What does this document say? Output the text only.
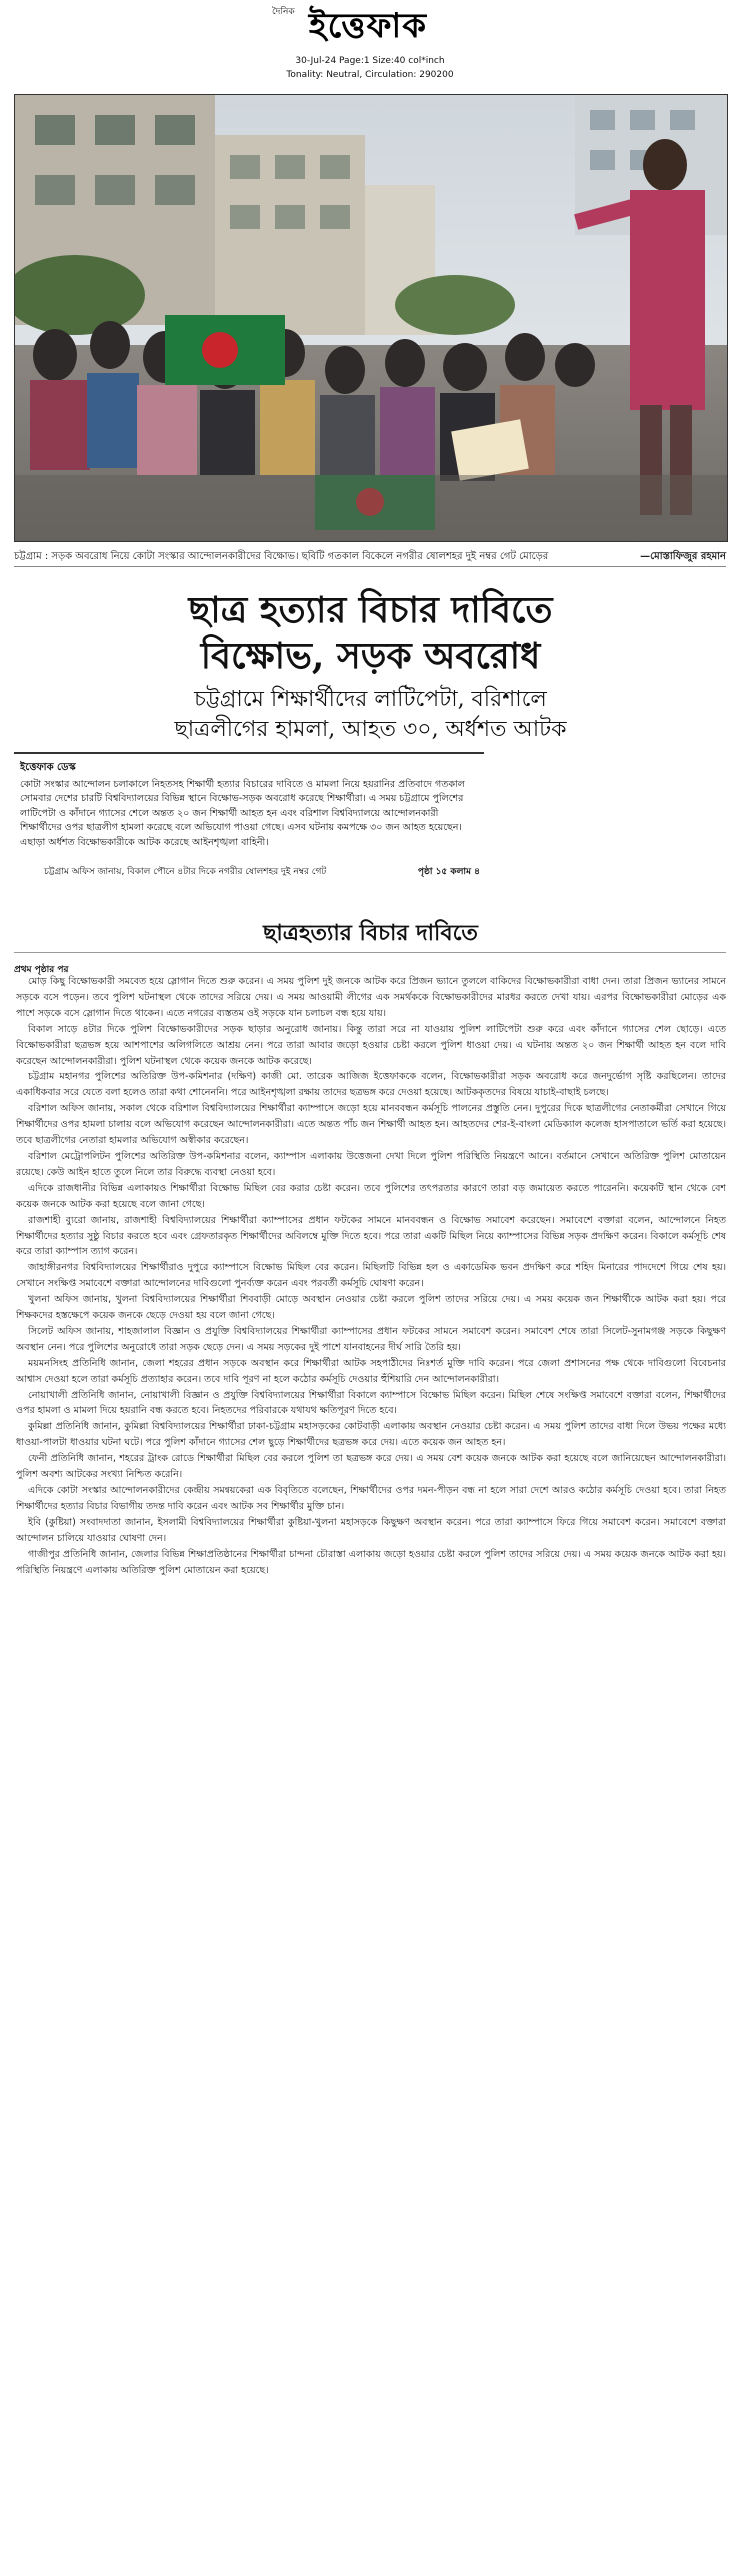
দৈনিক ইত্তেফাক
30-Jul-24 Page:1 Size:40 col*inch
Tonality: Neutral, Circulation: 290200
চট্টগ্রাম : সড়ক অবরোধ নিয়ে কোটা সংস্কার আন্দোলনকারীদের বিক্ষোভ। ছবিটি গতকাল বিকেলে নগরীর ষোলশহর দুই নম্বর গেট মোড়ের	—মোস্তাফিজুর রহমান
ছাত্র হত্যার বিচার দাবিতে
বিক্ষোভ, সড়ক অবরোধ
চট্টগ্রামে শিক্ষার্থীদের লাটিপেটা, বরিশালে
ছাত্রলীগের হামলা, আহত ৩০, অর্ধশত আটক
ইত্তেফাক ডেস্ক
কোটা সংস্কার আন্দোলন চলাকালে নিহতসহ শিক্ষার্থী হত্যার বিচারের দাবিতে ও মামলা নিয়ে হয়রানির প্রতিবাদে গতকাল সোমবার দেশের চারটি বিশ্ববিদ্যালয়ের বিভিন্ন স্থানে বিক্ষোভ-সড়ক অবরোধ করেছে শিক্ষার্থীরা। এ সময় চট্টগ্রামে পুলিশের লাটিপেটা ও কাঁদানে গ্যাসের শেলে অন্তত ২০ জন শিক্ষার্থী আহত হন এবং বরিশাল বিশ্ববিদ্যালয়ে আন্দোলনকারী শিক্ষার্থীদের ওপর ছাত্রলীগ হামলা করেছে বলে অভিযোগ পাওয়া গেছে। এসব ঘটনায় কমপক্ষে ৩০ জন আহত হয়েছেন। এছাড়া অর্ধশত বিক্ষোভকারীকে আটক করেছে আইনশৃঙ্খলা বাহিনী।
চট্টগ্রাম অফিস জানায়, বিকাল পৌনে ৪টার দিকে নগরীর ষোলশহর দুই নম্বর গেট	পৃষ্ঠা ১৫ কলাম ৪
ছাত্রহত্যার বিচার দাবিতে
প্রথম পৃষ্ঠার পর

মোড় কিছু বিক্ষোভকারী সমবেত হয়ে স্লোগান দিতে শুরু করেন। এ সময় পুলিশ দুই জনকে আটক করে প্রিজন ভ্যানে তুললে বাকিদের বিক্ষোভকারীরা বাধা দেন। তারা প্রিজন ভ্যানের সামনে সড়কে বসে পড়েন। তবে পুলিশ ঘটনাস্থল থেকে তাদের সরিয়ে দেয়। এ সময় আওয়ামী লীগের এক সমর্থককে বিক্ষোভকারীদের মারধর করতে দেখা যায়। এরপর বিক্ষোভকারীরা মোড়ের এক পাশে সড়কে বসে স্লোগান দিতে থাকেন। এতে নগরের ব্যস্ততম ওই সড়কে যান চলাচল বন্ধ হয়ে যায়।

বিকাল সাড়ে ৪টার দিকে পুলিশ বিক্ষোভকারীদের সড়ক ছাড়ার অনুরোধ জানায়। কিন্তু তারা সরে না যাওয়ায় পুলিশ লাটিপেটা শুরু করে এবং কাঁদানে গ্যাসের শেল ছোড়ে। এতে বিক্ষোভকারীরা ছত্রভঙ্গ হয়ে আশপাশের অলিগলিতে আশ্রয় নেন। পরে তারা আবার জড়ো হওয়ার চেষ্টা করলে পুলিশ ধাওয়া দেয়। এ ঘটনায় অন্তত ২০ জন শিক্ষার্থী আহত হন বলে দাবি করেছেন আন্দোলনকারীরা। পুলিশ ঘটনাস্থল থেকে কয়েক জনকে আটক করেছে।

চট্টগ্রাম মহানগর পুলিশের অতিরিক্ত উপ-কমিশনার (দক্ষিণ) কাজী মো. তারেক আজিজ ইত্তেফাককে বলেন, বিক্ষোভকারীরা সড়ক অবরোধ করে জনদুর্ভোগ সৃষ্টি করছিলেন। তাদের একাধিকবার সরে যেতে বলা হলেও তারা কথা শোনেননি। পরে আইনশৃঙ্খলা রক্ষায় তাদের ছত্রভঙ্গ করে দেওয়া হয়েছে। আটককৃতদের বিষয়ে যাচাই-বাছাই চলছে।

বরিশাল অফিস জানায়, সকাল থেকে বরিশাল বিশ্ববিদ্যালয়ের শিক্ষার্থীরা ক্যাম্পাসে জড়ো হয়ে মানববন্ধন কর্মসূচি পালনের প্রস্তুতি নেন। দুপুরের দিকে ছাত্রলীগের নেতাকর্মীরা সেখানে গিয়ে শিক্ষার্থীদের ওপর হামলা চালায় বলে অভিযোগ করেছেন আন্দোলনকারীরা। এতে অন্তত পাঁচ জন শিক্ষার্থী আহত হন। আহতদের শের-ই-বাংলা মেডিক্যাল কলেজ হাসপাতালে ভর্তি করা হয়েছে। তবে ছাত্রলীগের নেতারা হামলার অভিযোগ অস্বীকার করেছেন।

বরিশাল মেট্রোপলিটন পুলিশের অতিরিক্ত উপ-কমিশনার বলেন, ক্যাম্পাস এলাকায় উত্তেজনা দেখা দিলে পুলিশ পরিস্থিতি নিয়ন্ত্রণে আনে। বর্তমানে সেখানে অতিরিক্ত পুলিশ মোতায়েন রয়েছে। কেউ আইন হাতে তুলে নিলে তার বিরুদ্ধে ব্যবস্থা নেওয়া হবে।

এদিকে রাজধানীর বিভিন্ন এলাকায়ও শিক্ষার্থীরা বিক্ষোভ মিছিল বের করার চেষ্টা করেন। তবে পুলিশের তৎপরতার কারণে তারা বড় জমায়েত করতে পারেননি। কয়েকটি স্থান থেকে বেশ কয়েক জনকে আটক করা হয়েছে বলে জানা গেছে।

রাজশাহী ব্যুরো জানায়, রাজশাহী বিশ্ববিদ্যালয়ের শিক্ষার্থীরা ক্যাম্পাসের প্রধান ফটকের সামনে মানববন্ধন ও বিক্ষোভ সমাবেশ করেছেন। সমাবেশে বক্তারা বলেন, আন্দোলনে নিহত শিক্ষার্থীদের হত্যার সুষ্ঠু বিচার করতে হবে এবং গ্রেফতারকৃত শিক্ষার্থীদের অবিলম্বে মুক্তি দিতে হবে। পরে তারা একটি মিছিল নিয়ে ক্যাম্পাসের বিভিন্ন সড়ক প্রদক্ষিণ করেন। বিকালে কর্মসূচি শেষ করে তারা ক্যাম্পাস ত্যাগ করেন।

জাহাঙ্গীরনগর বিশ্ববিদ্যালয়ের শিক্ষার্থীরাও দুপুরে ক্যাম্পাসে বিক্ষোভ মিছিল বের করেন। মিছিলটি বিভিন্ন হল ও একাডেমিক ভবন প্রদক্ষিণ করে শহিদ মিনারের পাদদেশে গিয়ে শেষ হয়। সেখানে সংক্ষিপ্ত সমাবেশে বক্তারা আন্দোলনের দাবিগুলো পুনর্ব্যক্ত করেন এবং পরবর্তী কর্মসূচি ঘোষণা করেন।

খুলনা অফিস জানায়, খুলনা বিশ্ববিদ্যালয়ের শিক্ষার্থীরা শিববাড়ী মোড়ে অবস্থান নেওয়ার চেষ্টা করলে পুলিশ তাদের সরিয়ে দেয়। এ সময় কয়েক জন শিক্ষার্থীকে আটক করা হয়। পরে শিক্ষকদের হস্তক্ষেপে কয়েক জনকে ছেড়ে দেওয়া হয় বলে জানা গেছে।

সিলেট অফিস জানায়, শাহজালাল বিজ্ঞান ও প্রযুক্তি বিশ্ববিদ্যালয়ের শিক্ষার্থীরা ক্যাম্পাসের প্রধান ফটকের সামনে সমাবেশ করেন। সমাবেশ শেষে তারা সিলেট-সুনামগঞ্জ সড়কে কিছুক্ষণ অবস্থান নেন। পরে পুলিশের অনুরোধে তারা সড়ক ছেড়ে দেন। এ সময় সড়কের দুই পাশে যানবাহনের দীর্ঘ সারি তৈরি হয়।

ময়মনসিংহ প্রতিনিধি জানান, জেলা শহরের প্রধান সড়কে অবস্থান করে শিক্ষার্থীরা আটক সহপাঠীদের নিঃশর্ত মুক্তি দাবি করেন। পরে জেলা প্রশাসনের পক্ষ থেকে দাবিগুলো বিবেচনার আশ্বাস দেওয়া হলে তারা কর্মসূচি প্রত্যাহার করেন। তবে দাবি পূরণ না হলে কঠোর কর্মসূচি দেওয়ার হুঁশিয়ারি দেন আন্দোলনকারীরা।

নোয়াখালী প্রতিনিধি জানান, নোয়াখালী বিজ্ঞান ও প্রযুক্তি বিশ্ববিদ্যালয়ের শিক্ষার্থীরা বিকালে ক্যাম্পাসে বিক্ষোভ মিছিল করেন। মিছিল শেষে সংক্ষিপ্ত সমাবেশে বক্তারা বলেন, শিক্ষার্থীদের ওপর হামলা ও মামলা দিয়ে হয়রানি বন্ধ করতে হবে। নিহতদের পরিবারকে যথাযথ ক্ষতিপূরণ দিতে হবে।

কুমিল্লা প্রতিনিধি জানান, কুমিল্লা বিশ্ববিদ্যালয়ের শিক্ষার্থীরা ঢাকা-চট্টগ্রাম মহাসড়কের কোটবাড়ী এলাকায় অবস্থান নেওয়ার চেষ্টা করেন। এ সময় পুলিশ তাদের বাধা দিলে উভয় পক্ষের মধ্যে ধাওয়া-পালটা ধাওয়ার ঘটনা ঘটে। পরে পুলিশ কাঁদানে গ্যাসের শেল ছুড়ে শিক্ষার্থীদের ছত্রভঙ্গ করে দেয়। এতে কয়েক জন আহত হন।

ফেনী প্রতিনিধি জানান, শহরের ট্রাংক রোডে শিক্ষার্থীরা মিছিল বের করলে পুলিশ তা ছত্রভঙ্গ করে দেয়। এ সময় বেশ কয়েক জনকে আটক করা হয়েছে বলে জানিয়েছেন আন্দোলনকারীরা। পুলিশ অবশ্য আটকের সংখ্যা নিশ্চিত করেনি।

এদিকে কোটা সংস্কার আন্দোলনকারীদের কেন্দ্রীয় সমন্বয়কেরা এক বিবৃতিতে বলেছেন, শিক্ষার্থীদের ওপর দমন-পীড়ন বন্ধ না হলে সারা দেশে আরও কঠোর কর্মসূচি দেওয়া হবে। তারা নিহত শিক্ষার্থীদের হত্যার বিচার বিভাগীয় তদন্ত দাবি করেন এবং আটক সব শিক্ষার্থীর মুক্তি চান।

ইবি (কুষ্টিয়া) সংবাদদাতা জানান, ইসলামী বিশ্ববিদ্যালয়ের শিক্ষার্থীরা কুষ্টিয়া-খুলনা মহাসড়কে কিছুক্ষণ অবস্থান করেন। পরে তারা ক্যাম্পাসে ফিরে গিয়ে সমাবেশ করেন। সমাবেশে বক্তারা আন্দোলন চালিয়ে যাওয়ার ঘোষণা দেন।

গাজীপুর প্রতিনিধি জানান, জেলার বিভিন্ন শিক্ষাপ্রতিষ্ঠানের শিক্ষার্থীরা চান্দনা চৌরাস্তা এলাকায় জড়ো হওয়ার চেষ্টা করলে পুলিশ তাদের সরিয়ে দেয়। এ সময় কয়েক জনকে আটক করা হয়। পরিস্থিতি নিয়ন্ত্রণে এলাকায় অতিরিক্ত পুলিশ মোতায়েন করা হয়েছে।
